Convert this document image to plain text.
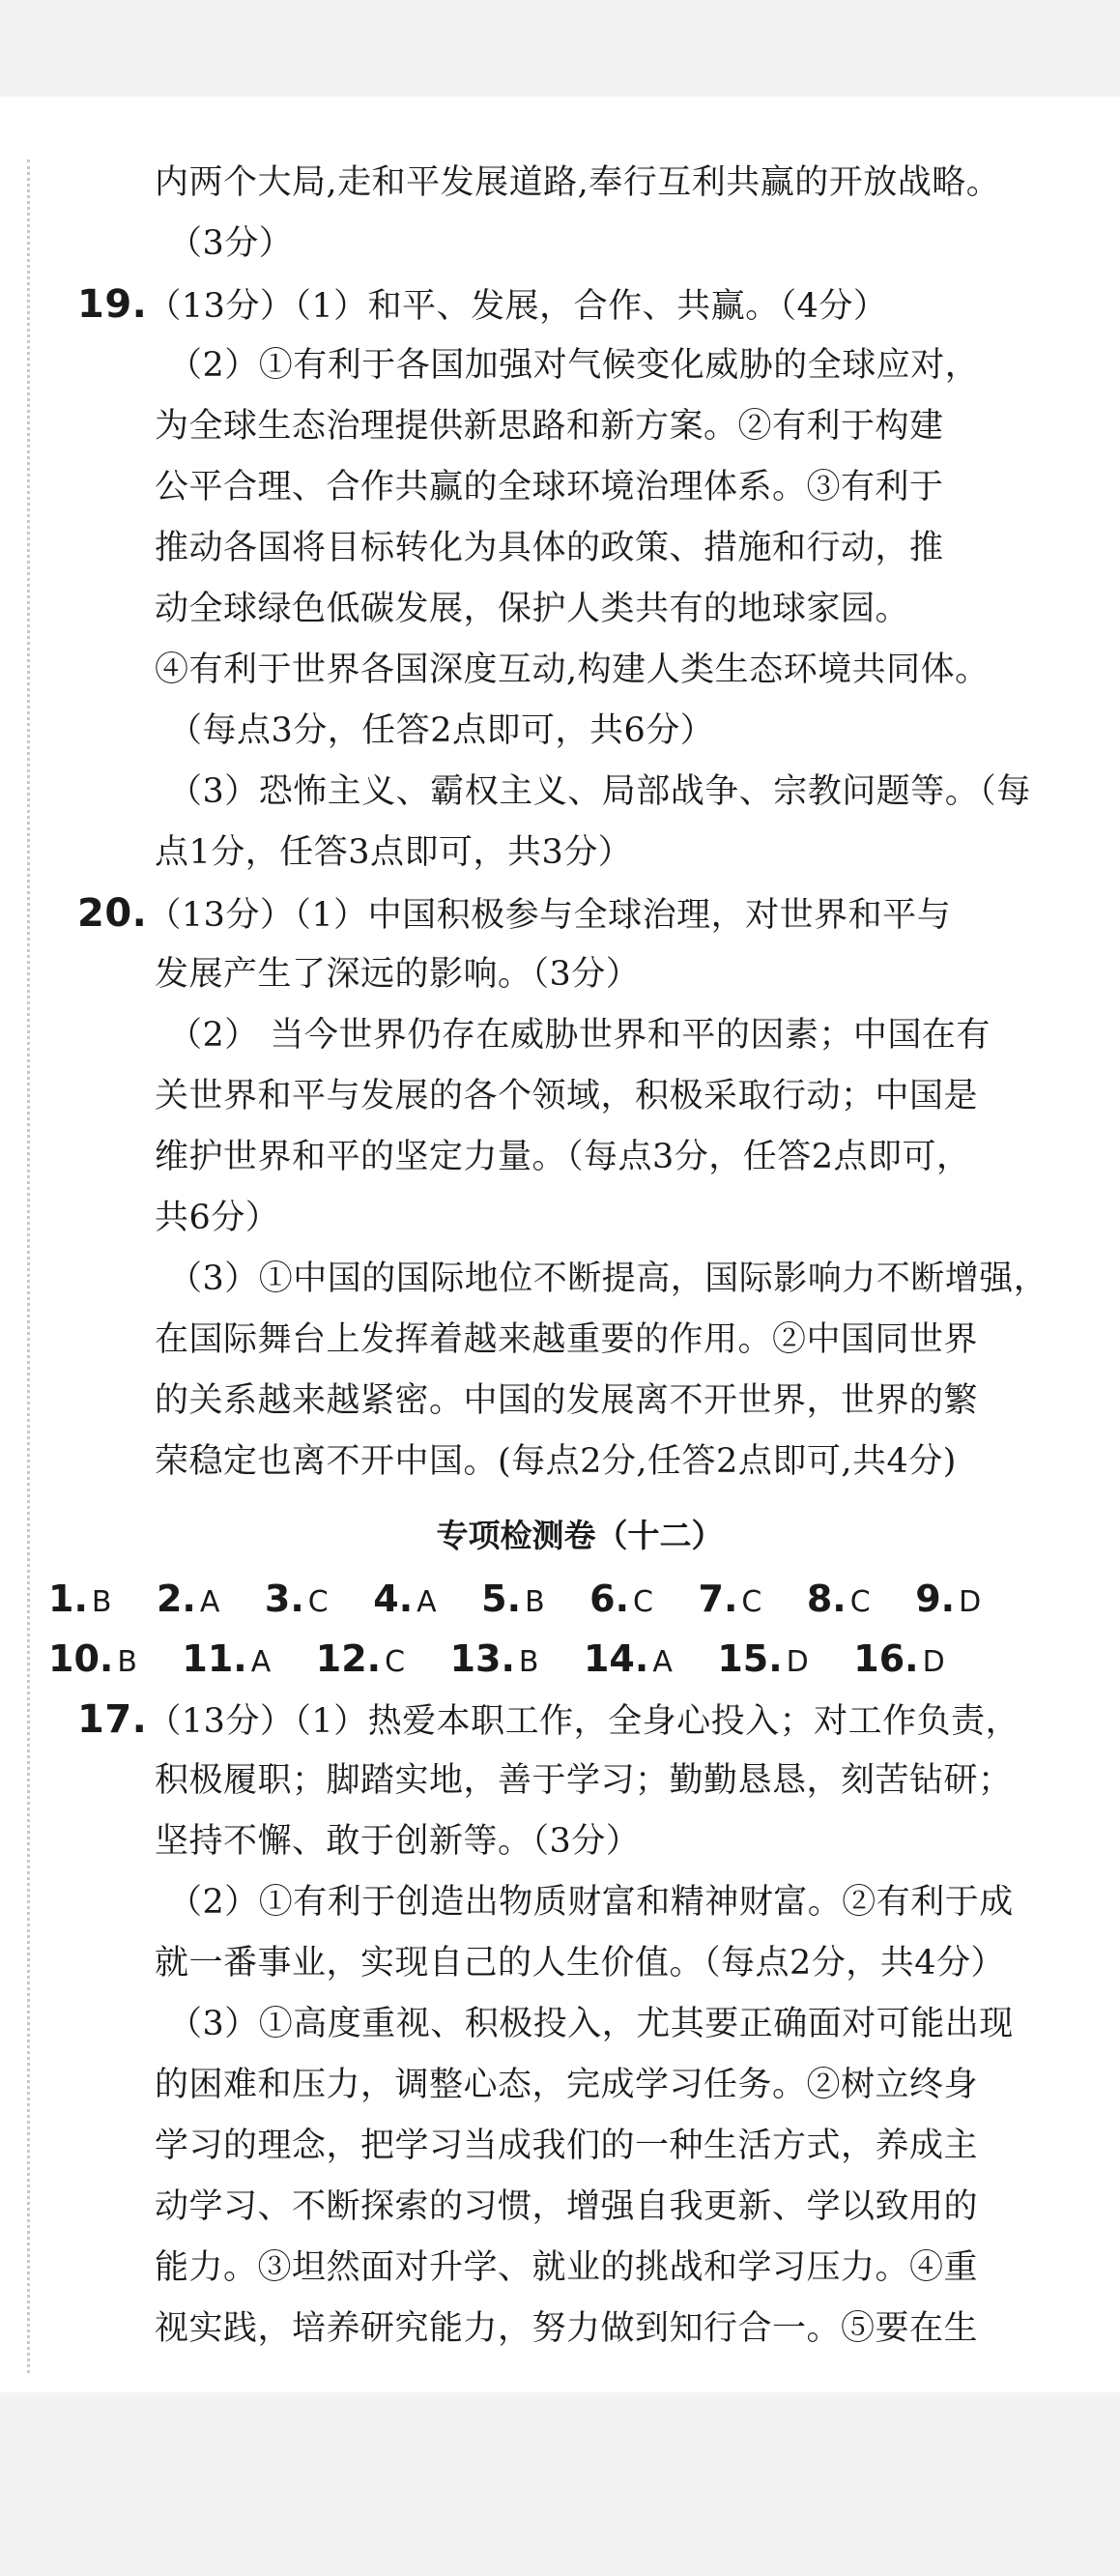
内两个大局,走和平发展道路,奉行互利共赢的开放战略。
（3分）
19.（13分）（1）和平、发展，合作、共赢。（4分）
（2）①有利于各国加强对气候变化威胁的全球应对，
为全球生态治理提供新思路和新方案。②有利于构建
公平合理、合作共赢的全球环境治理体系。③有利于
推动各国将目标转化为具体的政策、措施和行动，推
动全球绿色低碳发展，保护人类共有的地球家园。
④有利于世界各国深度互动,构建人类生态环境共同体。
（每点3分，任答2点即可，共6分）
（3）恐怖主义、霸权主义、局部战争、宗教问题等。（每
点1分，任答3点即可，共3分）
20.（13分）（1）中国积极参与全球治理，对世界和平与
发展产生了深远的影响。（3分）
（2） 当今世界仍存在威胁世界和平的因素；中国在有
关世界和平与发展的各个领域，积极采取行动；中国是
维护世界和平的坚定力量。（每点3分，任答2点即可，
共6分）
（3）①中国的国际地位不断提高，国际影响力不断增强，
在国际舞台上发挥着越来越重要的作用。②中国同世界
的关系越来越紧密。中国的发展离不开世界，世界的繁
荣稳定也离不开中国。(每点2分,任答2点即可,共4分)
专项检测卷（十二）
1. B 2. A 3. C 4. A 5. B 6. C 7. C 8. C 9. D
10. B 11. A 12. C 13. B 14. A 15. D 16. D
17.（13分）（1）热爱本职工作，全身心投入；对工作负责，
积极履职；脚踏实地，善于学习；勤勤恳恳，刻苦钻研；
坚持不懈、敢于创新等。（3分）
（2）①有利于创造出物质财富和精神财富。②有利于成
就一番事业，实现自己的人生价值。（每点2分，共4分）
（3）①高度重视、积极投入，尤其要正确面对可能出现
的困难和压力，调整心态，完成学习任务。②树立终身
学习的理念，把学习当成我们的一种生活方式，养成主
动学习、不断探索的习惯，增强自我更新、学以致用的
能力。③坦然面对升学、就业的挑战和学习压力。④重
视实践，培养研究能力，努力做到知行合一。⑤要在生
